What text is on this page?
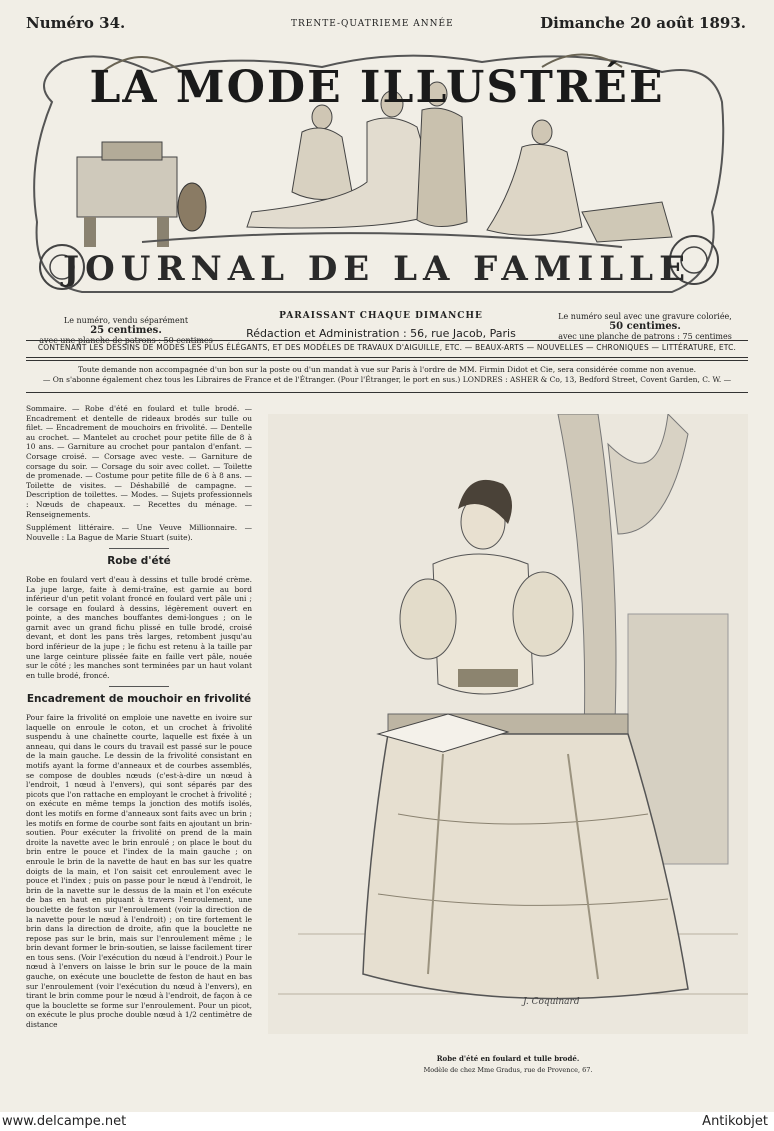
Numéro 34.	TRENTE-QUATRIEME ANNÉE	Dimanche 20 août 1893.
LA MODE ILLUSTRÉE
JOURNAL DE LA FAMILLE
Le numéro, vendu séparément
25 centimes.
avec une planche de patrons : 50 centimes
PARAISSANT CHAQUE DIMANCHE
Rédaction et Administration : 56, rue Jacob, Paris
Le numéro seul avec une gravure coloriée,
50 centimes.
avec une planche de patrons : 75 centimes
CONTENANT LES DESSINS DE MODES LES PLUS ÉLÉGANTS, ET DES MODÈLES DE TRAVAUX D'AIGUILLE, ETC. — BEAUX-ARTS — NOUVELLES — CHRONIQUES — LITTÉRATURE, ETC.
Toute demande non accompagnée d'un bon sur la poste ou d'un mandat à vue sur Paris à l'ordre de MM. Firmin Didot et Cie, sera considérée comme non avenue.
— On s'abonne également chez tous les Libraires de France et de l'Étranger. (Pour l'Étranger, le port en sus.) LONDRES : ASHER & Co, 13, Bedford Street, Covent Garden, C. W. —

Sommaire. — Robe d'été en foulard et tulle brodé. — Encadrement et dentelle de rideaux brodés sur tulle ou filet. — Encadrement de mouchoirs en frivolité. — Dentelle au crochet. — Mantelet au crochet pour petite fille de 8 à 10 ans. — Garniture au crochet pour pantalon d'enfant. — Corsage croisé. — Corsage avec veste. — Garniture de corsage du soir. — Corsage du soir avec collet. — Toilette de promenade. — Costume pour petite fille de 6 à 8 ans. — Toilette de visites. — Déshabillé de campagne. — Description de toilettes. — Modes. — Sujets professionnels : Nœuds de chapeaux. — Recettes du ménage. — Renseignements.

Supplément littéraire. — Une Veuve Millionnaire. — Nouvelle : La Bague de Marie Stuart (suite).

Robe d'été

Robe en foulard vert d'eau à dessins et tulle brodé crème. La jupe large, faite à demi-traîne, est garnie au bord inférieur d'un petit volant froncé en foulard vert pâle uni ; le corsage en foulard à dessins, légèrement ouvert en pointe, a des manches bouffantes demi-longues ; on le garnit avec un grand fichu plissé en tulle brodé, croisé devant, et dont les pans très larges, retombent jusqu'au bord inférieur de la jupe ; le fichu est retenu à la taille par une large ceinture plissée faite en faille vert pâle, nouée sur le côté ; les manches sont terminées par un haut volant en tulle brodé, froncé.

Encadrement de mouchoir en frivolité

Pour faire la frivolité on emploie une navette en ivoire sur laquelle on enroule le coton, et un crochet à frivolité suspendu à une chaînette courte, laquelle est fixée à un anneau, qui dans le cours du travail est passé sur le pouce de la main gauche. Le dessin de la frivolité consistant en motifs ayant la forme d'anneaux et de courbes assemblés, se compose de doubles nœuds (c'est-à-dire un nœud à l'endroit, 1 nœud à l'envers), qui sont séparés par des picots que l'on rattache en employant le crochet à frivolité ; on exécute en même temps la jonction des motifs isolés, dont les motifs en forme d'anneaux sont faits avec un brin ; les motifs en forme de courbe sont faits en ajoutant un brin-soutien. Pour exécuter la frivolité on prend de la main droite la navette avec le brin enroulé ; on place le bout du brin entre le pouce et l'index de la main gauche ; on enroule le brin de la navette de haut en bas sur les quatre doigts de la main, et l'on saisit cet enroulement avec le pouce et l'index ; puis on passe pour le nœud à l'endroit, le brin de la navette sur le dessus de la main et l'on exécute de bas en haut en piquant à travers l'enroulement, une bouclette de feston sur l'enroulement (voir la direction de la navette pour le nœud à l'endroit) ; on tire fortement le brin dans la direction de droite, afin que la bouclette ne repose pas sur le brin, mais sur l'enroulement même ; le brin devant former le brin-soutien, se laisse facilement tirer en tous sens. (Voir l'exécution du nœud à l'endroit.) Pour le nœud à l'envers on laisse le brin sur le pouce de la main gauche, on exécute une bouclette de feston de haut en bas sur l'enroulement (voir l'exécution du nœud à l'envers), en tirant le brin comme pour le nœud à l'endroit, de façon à ce que la bouclette se forme sur l'enroulement. Pour un picot, on exécute le plus proche double nœud à 1/2 centimètre de distance

J. Coquinard
Robe d'été en foulard et tulle brodé.
Modèle de chez Mme Gradus, rue de Provence, 67.
www.delcampe.net	Antikobjet
